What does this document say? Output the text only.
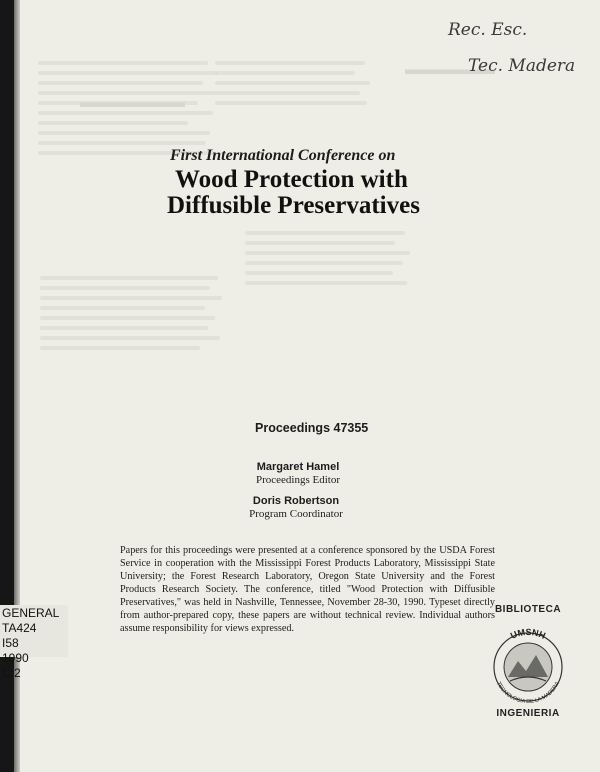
▬▬▬▬▬▬
Rec. Esc.
Tec. Madera
First International Conference on
Wood Protection with
Diffusible Preservatives
Proceedings 47355
Margaret Hamel
Proceedings Editor
Doris Robertson
Program Coordinator
Papers for this proceedings were presented at a conference sponsored by the USDA Forest Service in cooperation with the Mississippi Forest Products Laboratory, Mississippi State University; the Forest Research Laboratory, Oregon State University and the Forest Products Research Society. The conference, titled "Wood Protection with Diffusible Preservatives," was held in Nashville, Tennessee, November 28-30, 1990. Typeset directly from author-prepared copy, these papers are without technical review. Individual authors assume responsibility for views expressed.
GENERAL
TA424
I58
1990
C:2
BIBLIOTECA
UMSNH
TECNOLOGIA DE LA MADERA
INGENIERIA
